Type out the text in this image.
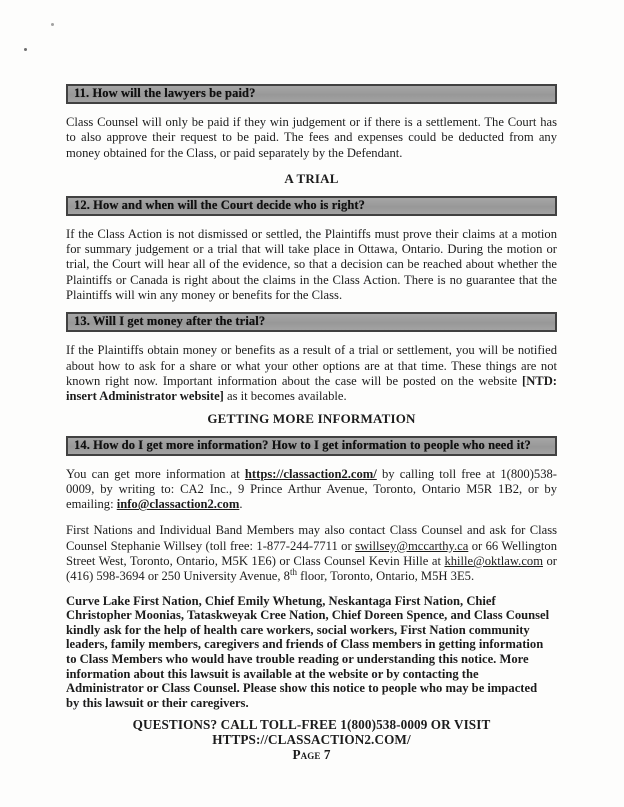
11. How will the lawyers be paid?

Class Counsel will only be paid if they win judgement or if there is a settlement. The Court has to also approve their request to be paid. The fees and expenses could be deducted from any money obtained for the Class, or paid separately by the Defendant.

A TRIAL
12. How and when will the Court decide who is right?

If the Class Action is not dismissed or settled, the Plaintiffs must prove their claims at a motion for summary judgement or a trial that will take place in Ottawa, Ontario. During the motion or trial, the Court will hear all of the evidence, so that a decision can be reached about whether the Plaintiffs or Canada is right about the claims in the Class Action. There is no guarantee that the Plaintiffs will win any money or benefits for the Class.

13. Will I get money after the trial?

If the Plaintiffs obtain money or benefits as a result of a trial or settlement, you will be notified about how to ask for a share or what your other options are at that time. These things are not known right now. Important information about the case will be posted on the website [NTD: insert Administrator website] as it becomes available.

GETTING MORE INFORMATION
14. How do I get more information? How to I get information to people who need it?

You can get more information at https://classaction2.com/ by calling toll free at 1(800)538-0009, by writing to: CA2 Inc., 9 Prince Arthur Avenue, Toronto, Ontario M5R 1B2, or by emailing: info@classaction2.com.

First Nations and Individual Band Members may also contact Class Counsel and ask for Class Counsel Stephanie Willsey (toll free: 1-877-244-7711 or swillsey@mccarthy.ca or 66 Wellington Street West, Toronto, Ontario, M5K 1E6) or Class Counsel Kevin Hille at khille@oktlaw.com or (416) 598-3694 or 250 University Avenue, 8th floor, Toronto, Ontario, M5H 3E5.

Curve Lake First Nation, Chief Emily Whetung, Neskantaga First Nation, Chief Christopher Moonias, Tataskweyak Cree Nation, Chief Doreen Spence, and Class Counsel kindly ask for the help of health care workers, social workers, First Nation community leaders, family members, caregivers and friends of Class members in getting information to Class Members who would have trouble reading or understanding this notice. More information about this lawsuit is available at the website or by contacting the Administrator or Class Counsel. Please show this notice to people who may be impacted by this lawsuit or their caregivers.

QUESTIONS? CALL TOLL-FREE 1(800)538-0009 OR VISIT
HTTPS://CLASSACTION2.COM/
Page 7
